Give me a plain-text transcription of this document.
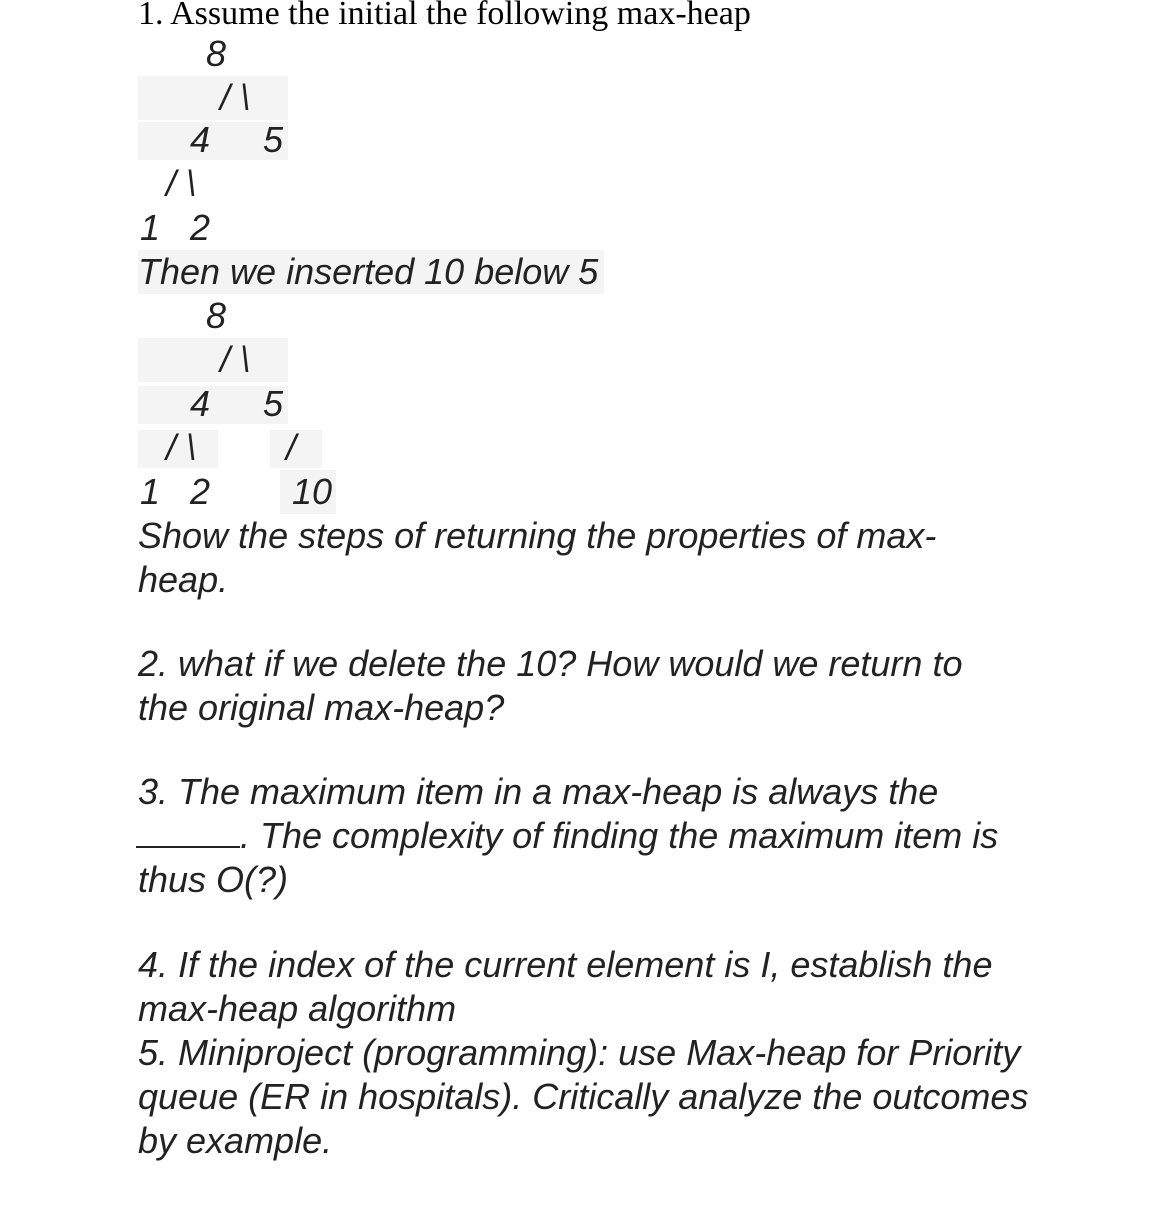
1. Assume the initial the following max-heap
8
/ \
4 5
/ \
1 2
Then we inserted 10 below 5
8
/ \
4 5
/ \ /
1 2	10
Show the steps of returning the properties of max-heap.
2. what if we delete the 10? How would we return to the original max-heap?
3. The maximum item in a max-heap is always the
. The complexity of finding the maximum item is
4. If the index of the current element is I, establish the max-heap algorithm
5. Miniproject (programming): use Max-heap for Priority queue (ER in hospitals). Critically analyze the outcomes by example.
thus O(?)
